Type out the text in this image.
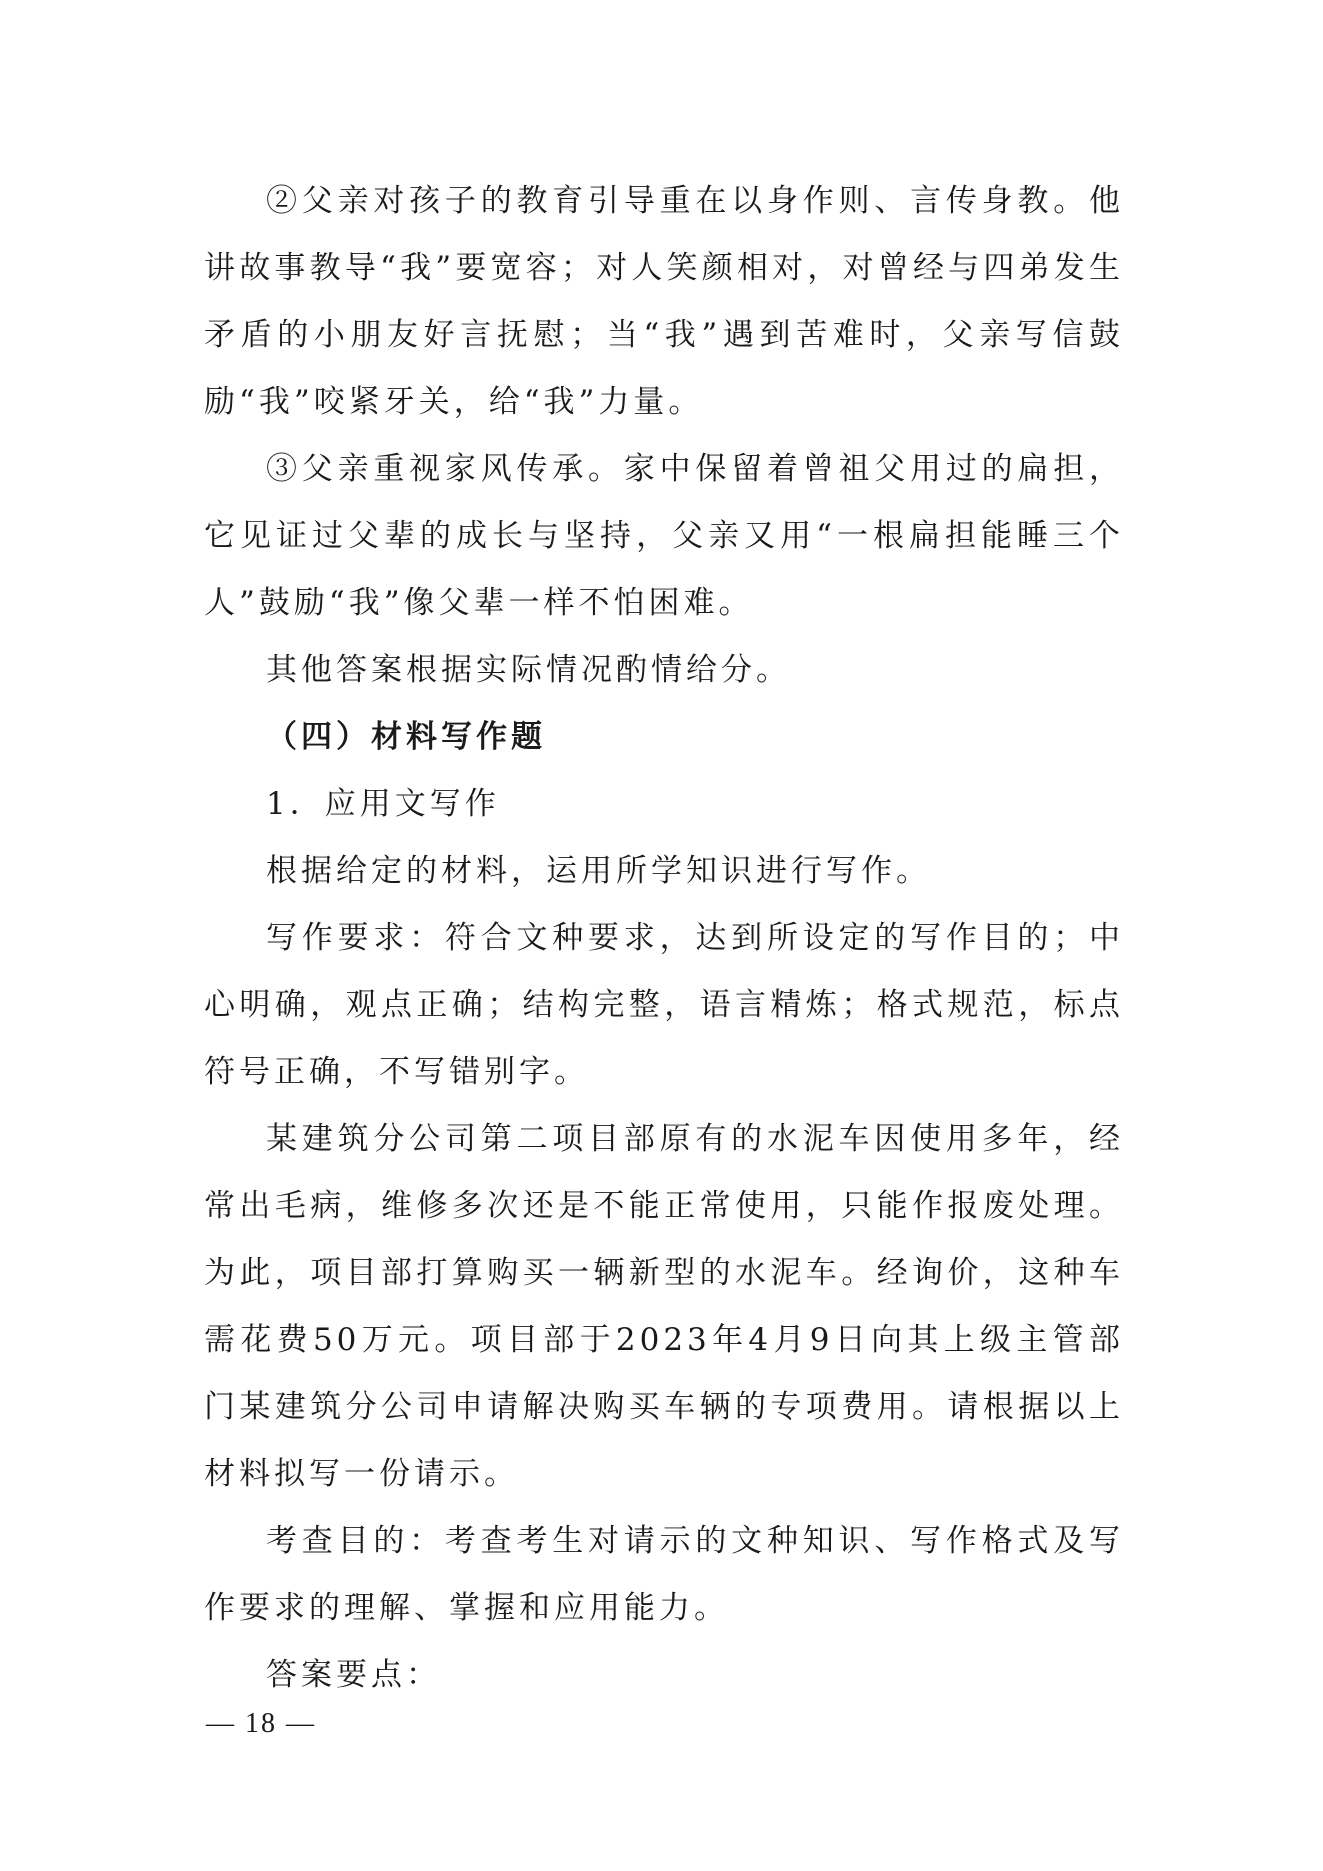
②父亲对孩子的教育引导重在以身作则、言传身教。他讲故事教导“我”要宽容；对人笑颜相对，对曾经与四弟发生矛盾的小朋友好言抚慰；当“我”遇到苦难时，父亲写信鼓励“我”咬紧牙关，给“我”力量。

③父亲重视家风传承。家中保留着曾祖父用过的扁担，它见证过父辈的成长与坚持，父亲又用“一根扁担能睡三个人”鼓励“我”像父辈一样不怕困难。

其他答案根据实际情况酌情给分。

（四）材料写作题

1．应用文写作

根据给定的材料，运用所学知识进行写作。

写作要求：符合文种要求，达到所设定的写作目的；中心明确，观点正确；结构完整，语言精炼；格式规范，标点符号正确，不写错别字。

某建筑分公司第二项目部原有的水泥车因使用多年，经常出毛病，维修多次还是不能正常使用，只能作报废处理。为此，项目部打算购买一辆新型的水泥车。经询价，这种车需花费50万元。项目部于2023年4月9日向其上级主管部门某建筑分公司申请解决购买车辆的专项费用。请根据以上材料拟写一份请示。

考查目的：考查考生对请示的文种知识、写作格式及写作要求的理解、掌握和应用能力。

答案要点：

— 18 —
